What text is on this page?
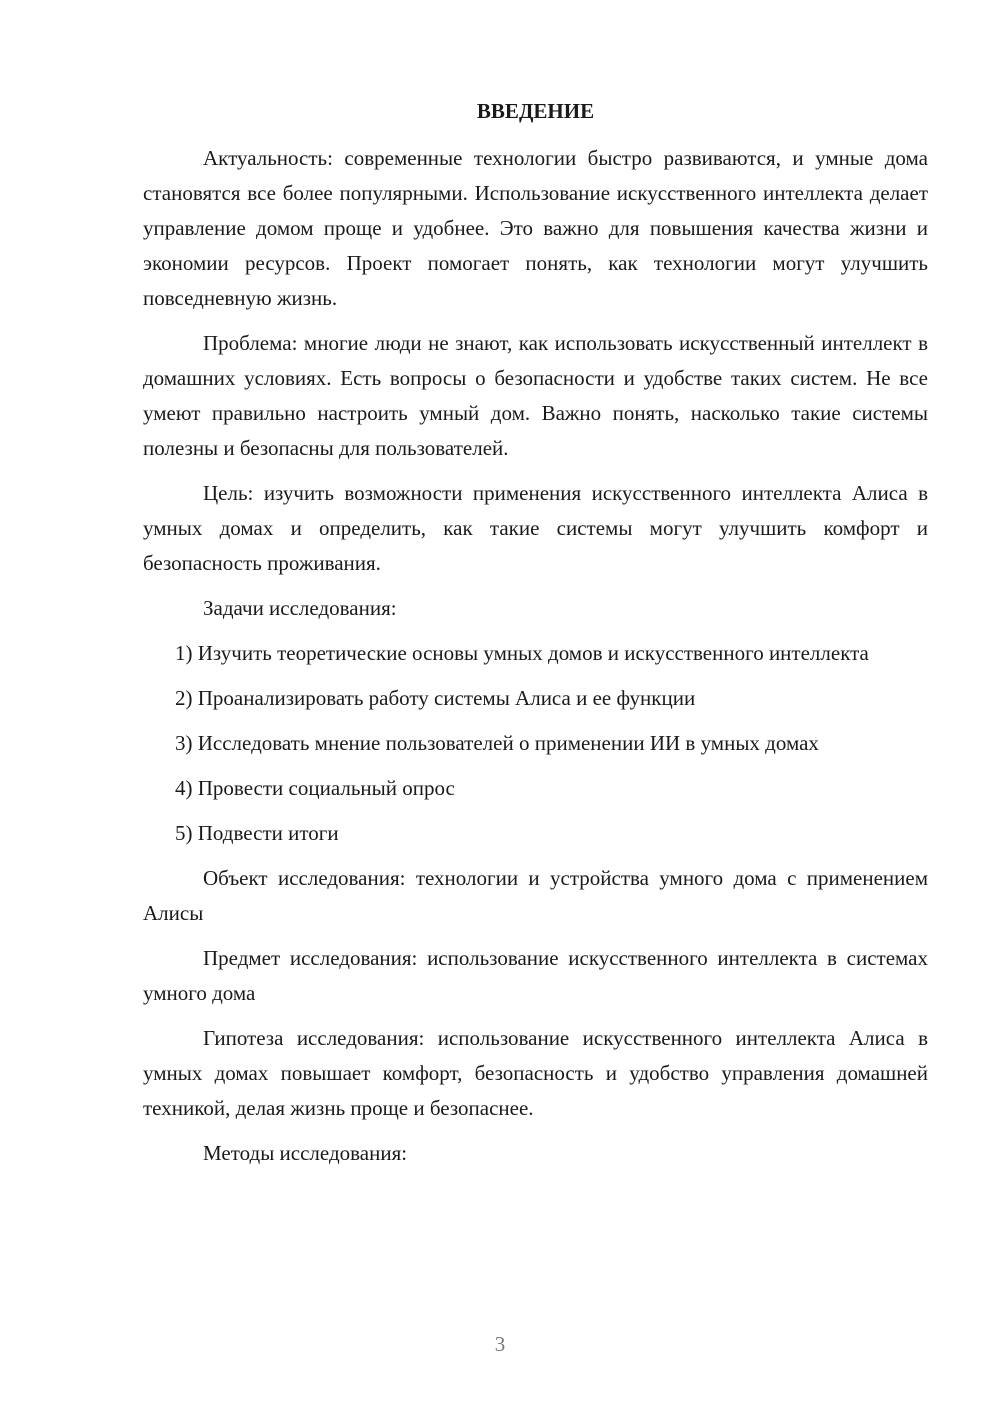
ВВЕДЕНИЕ

Актуальность: современные технологии быстро развиваются, и умные дома становятся все более популярными. Использование искусственного интеллекта делает управление домом проще и удобнее. Это важно для повышения качества жизни и экономии ресурсов. Проект помогает понять, как технологии могут улучшить повседневную жизнь.

Проблема: многие люди не знают, как использовать искусственный интеллект в домашних условиях. Есть вопросы о безопасности и удобстве таких систем. Не все умеют правильно настроить умный дом. Важно понять, насколько такие системы полезны и безопасны для пользователей.

Цель: изучить возможности применения искусственного интеллекта Алиса в умных домах и определить, как такие системы могут улучшить комфорт и безопасность проживания.

Задачи исследования:

1) Изучить теоретические основы умных домов и искусственного интеллекта

2) Проанализировать работу системы Алиса и ее функции

3) Исследовать мнение пользователей о применении ИИ в умных домах

4) Провести социальный опрос

5) Подвести итоги

Объект исследования: технологии и устройства умного дома с применением Алисы

Предмет исследования: использование искусственного интеллекта в системах умного дома

Гипотеза исследования: использование искусственного интеллекта Алиса в умных домах повышает комфорт, безопасность и удобство управления домашней техникой, делая жизнь проще и безопаснее.

Методы исследования:

3
